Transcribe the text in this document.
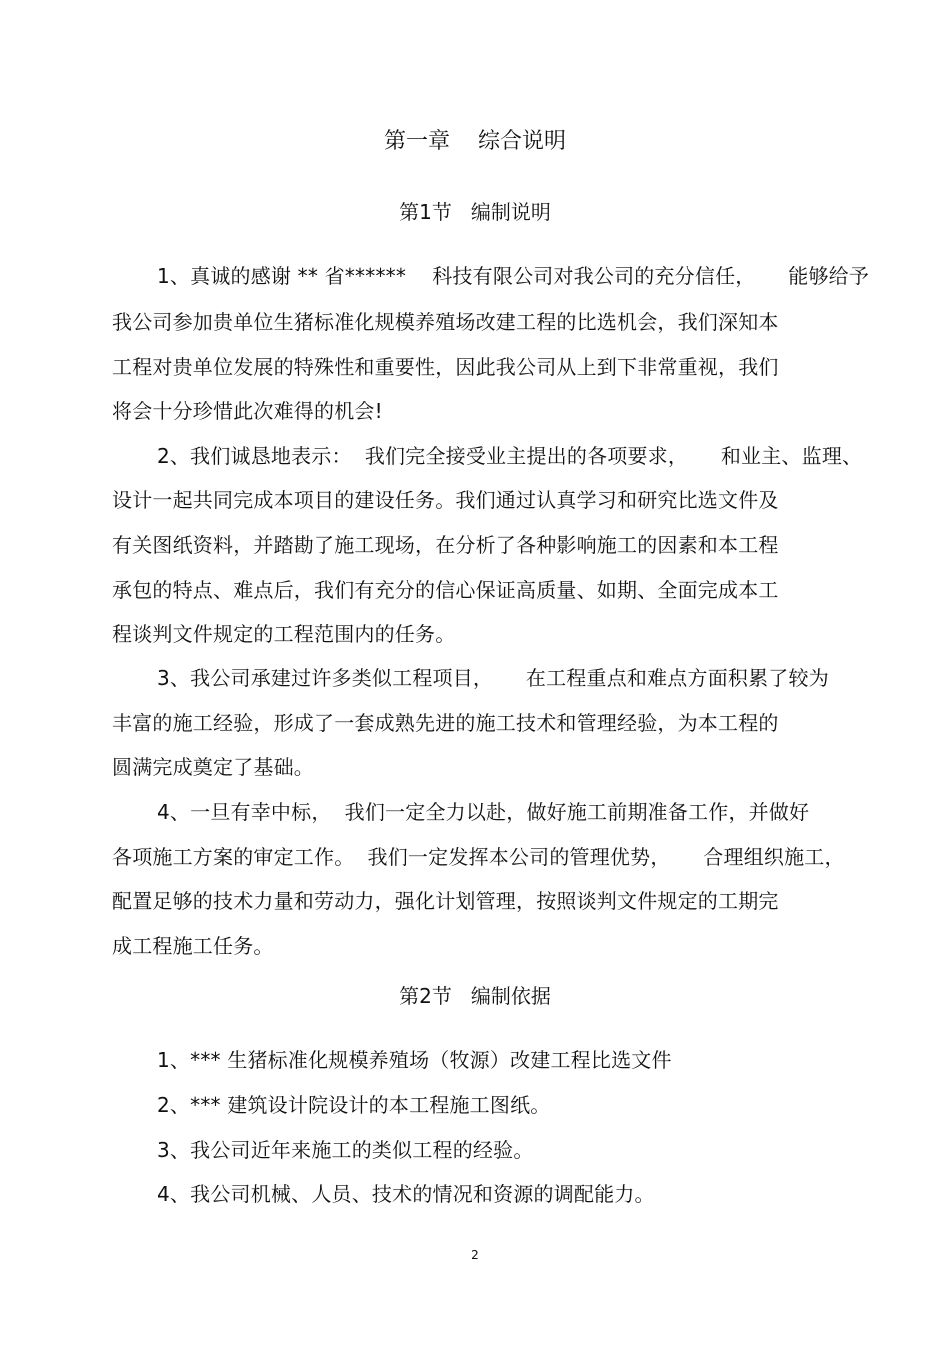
第一章    综合说明
第1节   编制说明
1、真诚的感谢 ** 省******    科技有限公司对我公司的充分信任，     能够给予
我公司参加贵单位生猪标准化规模养殖场改建工程的比选机会，我们深知本
工程对贵单位发展的特殊性和重要性，因此我公司从上到下非常重视，我们
将会十分珍惜此次难得的机会!
2、我们诚恳地表示：  我们完全接受业主提出的各项要求，     和业主、监理、
设计一起共同完成本项目的建设任务。我们通过认真学习和研究比选文件及
有关图纸资料，并踏勘了施工现场，在分析了各种影响施工的因素和本工程
承包的特点、难点后，我们有充分的信心保证高质量、如期、全面完成本工
程谈判文件规定的工程范围内的任务。
3、我公司承建过许多类似工程项目，     在工程重点和难点方面积累了较为
丰富的施工经验，形成了一套成熟先进的施工技术和管理经验，为本工程的
圆满完成奠定了基础。
4、一旦有幸中标，  我们一定全力以赴，做好施工前期准备工作，并做好
各项施工方案的审定工作。  我们一定发挥本公司的管理优势，     合理组织施工，
配置足够的技术力量和劳动力，强化计划管理，按照谈判文件规定的工期完
成工程施工任务。
第2节   编制依据
1、*** 生猪标准化规模养殖场（牧源）改建工程比选文件
2、*** 建筑设计院设计的本工程施工图纸。
3、我公司近年来施工的类似工程的经验。
4、我公司机械、人员、技术的情况和资源的调配能力。
2
